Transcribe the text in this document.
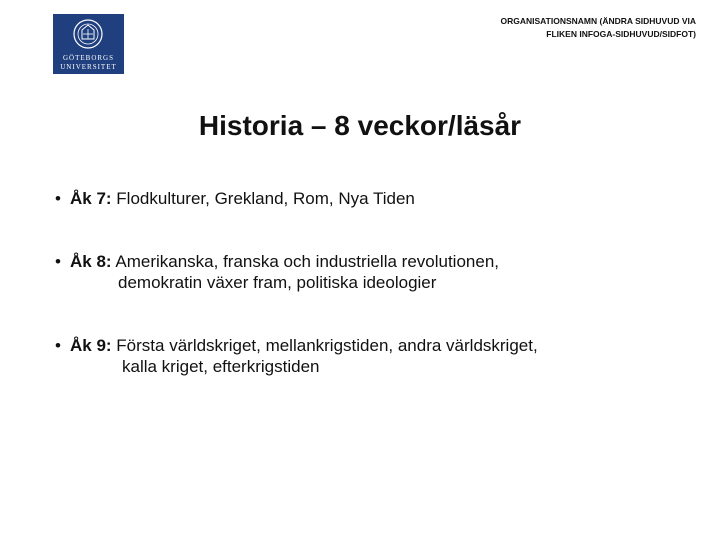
GÖTEBORGS
UNIVERSITET
ORGANISATIONSNAMN (ÄNDRA SIDHUVUD VIA FLIKEN INFOGA-SIDHUVUD/SIDFOT)
Historia – 8 veckor/läsår
• Åk 7: Flodkulturer, Grekland, Rom, Nya Tiden
• Åk 8: Amerikanska, franska och industriella revolutionen,
demokratin växer fram, politiska ideologier
• Åk 9: Första världskriget, mellankrigstiden, andra världskriget,
kalla kriget, efterkrigstiden
